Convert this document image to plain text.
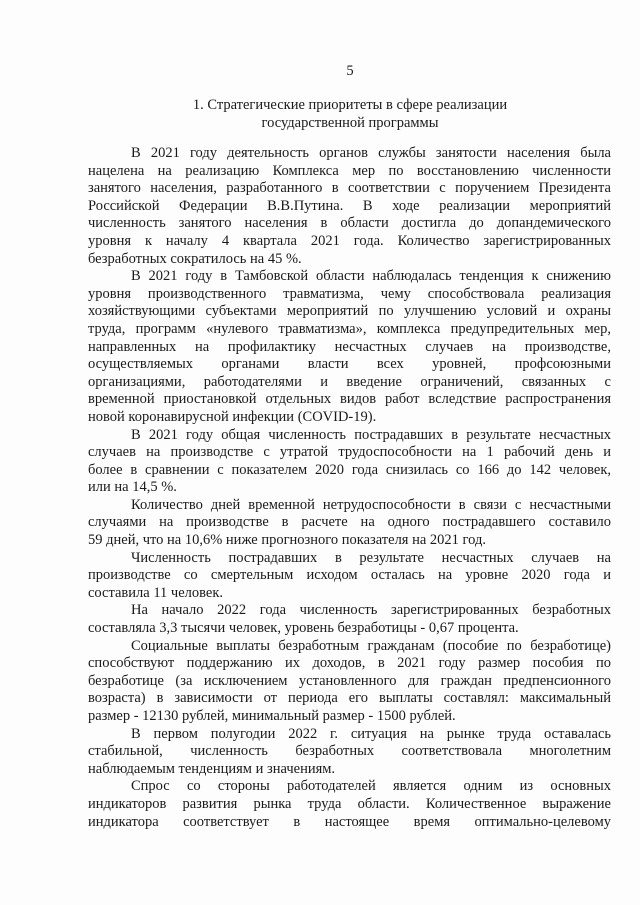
5
1. Стратегические приоритеты в сфере реализации
государственной программы
В 2021 году деятельность органов службы занятости населения была
нацелена на реализацию Комплекса мер по восстановлению численности
занятого населения, разработанного в соответствии с поручением Президента
Российской Федерации В.В.Путина. В ходе реализации мероприятий
численность занятого населения в области достигла до допандемического
уровня к началу 4 квартала 2021 года. Количество зарегистрированных
безработных сократилось на 45 %.
В 2021 году в Тамбовской области наблюдалась тенденция к снижению
уровня производственного травматизма, чему способствовала реализация
хозяйствующими субъектами мероприятий по улучшению условий и охраны
труда, программ «нулевого травматизма», комплекса предупредительных мер,
направленных на профилактику несчастных случаев на производстве,
осуществляемых органами власти всех уровней, профсоюзными
организациями, работодателями и введение ограничений, связанных с
временной приостановкой отдельных видов работ вследствие распространения
новой коронавирусной инфекции (COVID-19).
В 2021 году общая численность пострадавших в результате несчастных
случаев на производстве с утратой трудоспособности на 1 рабочий день и
более в сравнении с показателем 2020 года снизилась со 166 до 142 человек,
или на 14,5 %.
Количество дней временной нетрудоспособности в связи с несчастными
случаями на производстве в расчете на одного пострадавшего составило
59 дней, что на 10,6% ниже прогнозного показателя на 2021 год.
Численность пострадавших в результате несчастных случаев на
производстве со смертельным исходом осталась на уровне 2020 года и
составила 11 человек.
На начало 2022 года численность зарегистрированных безработных
составляла 3,3 тысячи человек, уровень безработицы - 0,67 процента.
Социальные выплаты безработным гражданам (пособие по безработице)
способствуют поддержанию их доходов, в 2021 году размер пособия по
безработице (за исключением установленного для граждан предпенсионного
возраста) в зависимости от периода его выплаты составлял: максимальный
размер - 12130 рублей, минимальный размер - 1500 рублей.
В первом полугодии 2022 г. ситуация на рынке труда оставалась
стабильной, численность безработных соответствовала многолетним
наблюдаемым тенденциям и значениям.
Спрос со стороны работодателей является одним из основных
индикаторов развития рынка труда области. Количественное выражение
индикатора соответствует в настоящее время оптимально-целевому
